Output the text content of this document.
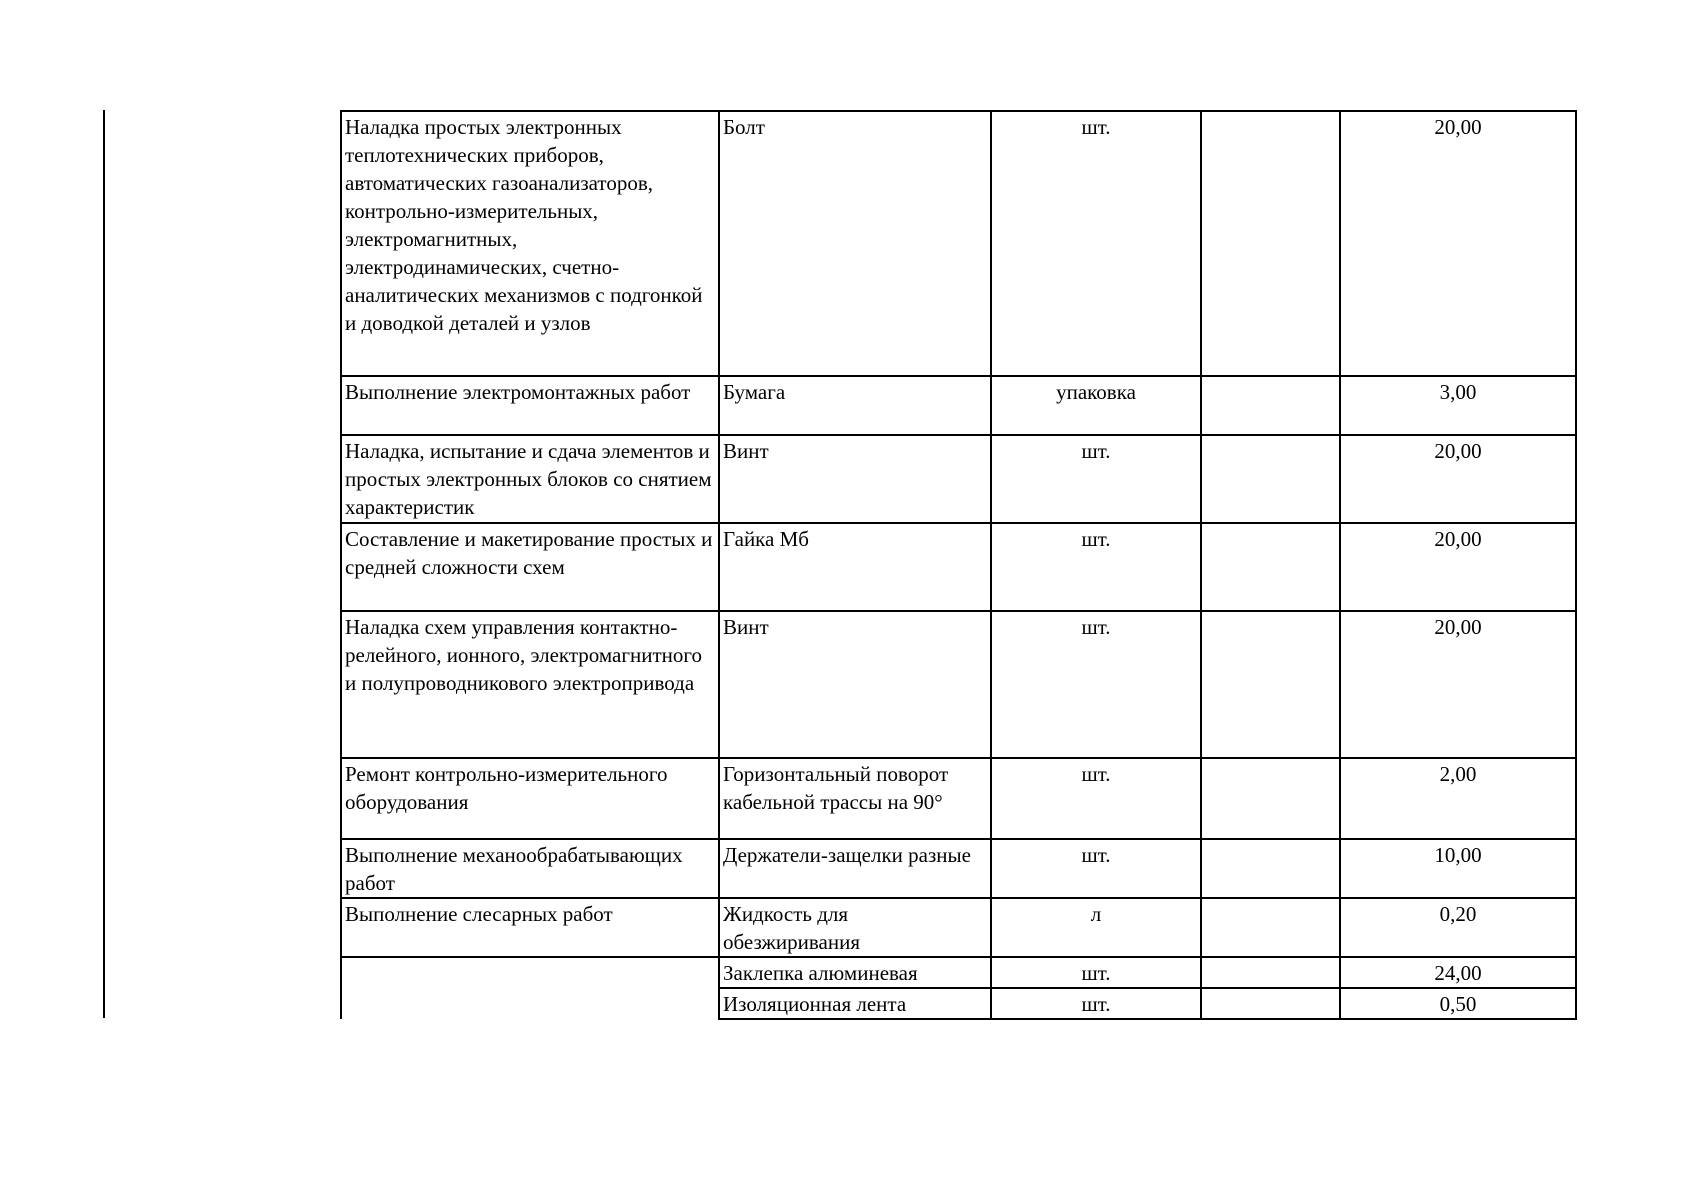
Наладка простых электронных теплотехнических приборов, автоматических газоанализаторов, контрольно-измерительных, электромагнитных, электродинамических, счетно-аналитических механизмов с подгонкой и доводкой деталей и узлов	Болт	шт.		20,00
Выполнение электромонтажных работ	Бумага	упаковка		3,00
Наладка, испытание и сдача элементов и простых электронных блоков со снятием характеристик	Винт	шт.		20,00
Составление и макетирование простых и средней сложности схем	Гайка Мб	шт.		20,00
Наладка схем управления контактно-релейного, ионного, электромагнитного и полупроводникового электропривода	Винт	шт.		20,00
Ремонт контрольно-измерительного оборудования	Горизонтальный поворот кабельной трассы на 90°	шт.		2,00
Выполнение механообрабатывающих работ	Держатели-защелки разные	шт.		10,00
Выполнение слесарных работ	Жидкость для обезжиривания	л		0,20
	Заклепка алюминевая	шт.		24,00
	Изоляционная лента	шт.		0,50
